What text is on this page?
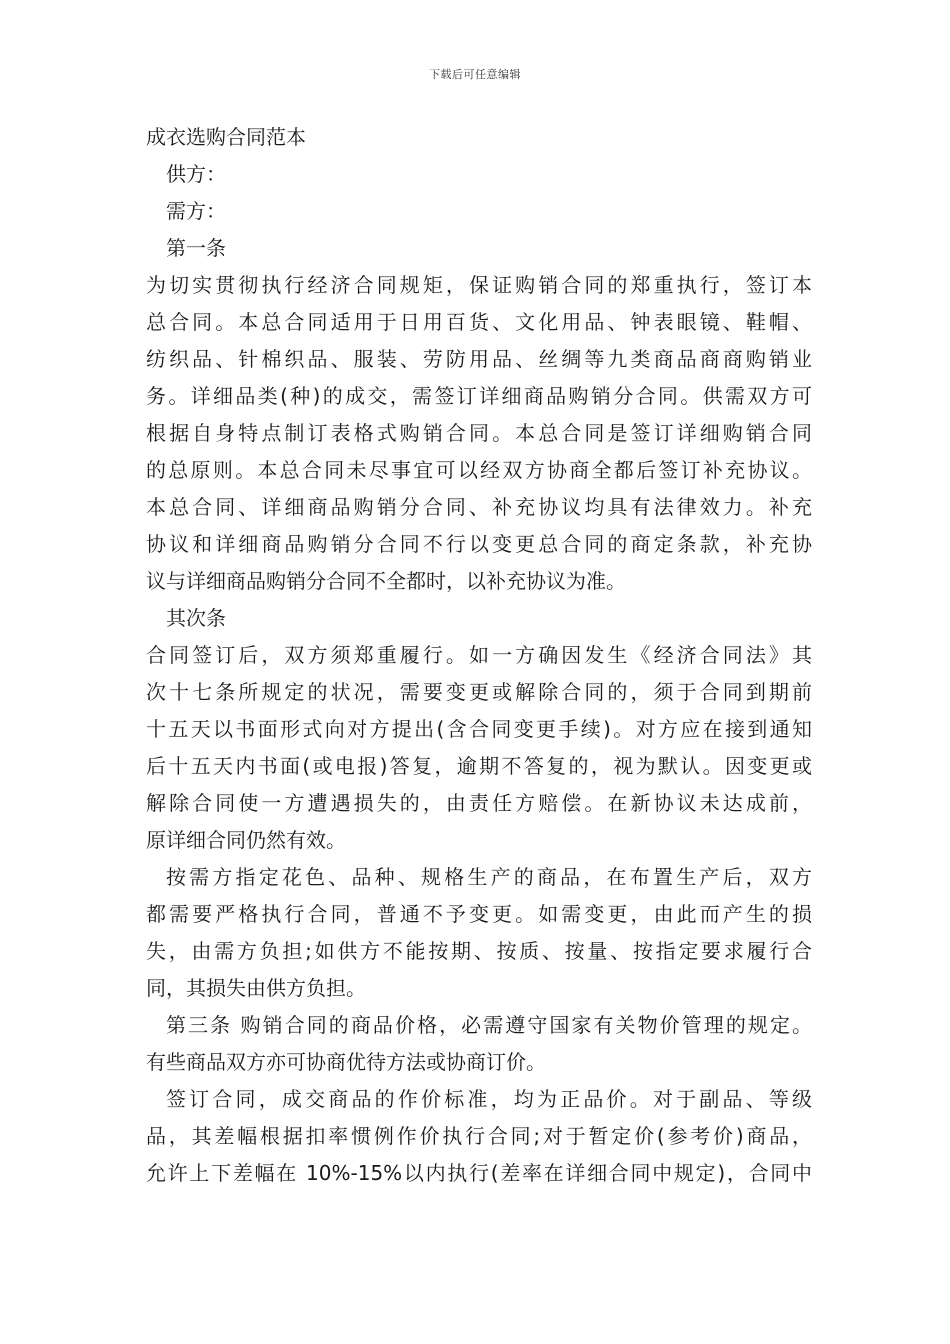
下载后可任意编辑
成衣选购合同范本
供方：
需方：
第一条
为切实贯彻执行经济合同规矩，保证购销合同的郑重执行，签订本
总合同。本总合同适用于日用百货、文化用品、钟表眼镜、鞋帽、
纺织品、针棉织品、服装、劳防用品、丝绸等九类商品商商购销业
务。详细品类(种)的成交，需签订详细商品购销分合同。供需双方可
根据自身特点制订表格式购销合同。本总合同是签订详细购销合同
的总原则。本总合同未尽事宜可以经双方协商全都后签订补充协议。
本总合同、详细商品购销分合同、补充协议均具有法律效力。补充
协议和详细商品购销分合同不行以变更总合同的商定条款，补充协
议与详细商品购销分合同不全都时，以补充协议为准。
其次条
合同签订后，双方须郑重履行。如一方确因发生《经济合同法》其
次十七条所规定的状况，需要变更或解除合同的，须于合同到期前
十五天以书面形式向对方提出(含合同变更手续)。对方应在接到通知
后十五天内书面(或电报)答复，逾期不答复的，视为默认。因变更或
解除合同使一方遭遇损失的，由责任方赔偿。在新协议未达成前，
原详细合同仍然有效。
按需方指定花色、品种、规格生产的商品，在布置生产后，双方
都需要严格执行合同，普通不予变更。如需变更，由此而产生的损
失，由需方负担;如供方不能按期、按质、按量、按指定要求履行合
同，其损失由供方负担。
第三条 购销合同的商品价格，必需遵守国家有关物价管理的规定。
有些商品双方亦可协商优待方法或协商订价。
签订合同，成交商品的作价标准，均为正品价。对于副品、等级
品，其差幅根据扣率惯例作价执行合同;对于暂定价(参考价)商品，
允许上下差幅在 10%-15%以内执行(差率在详细合同中规定)，合同中
